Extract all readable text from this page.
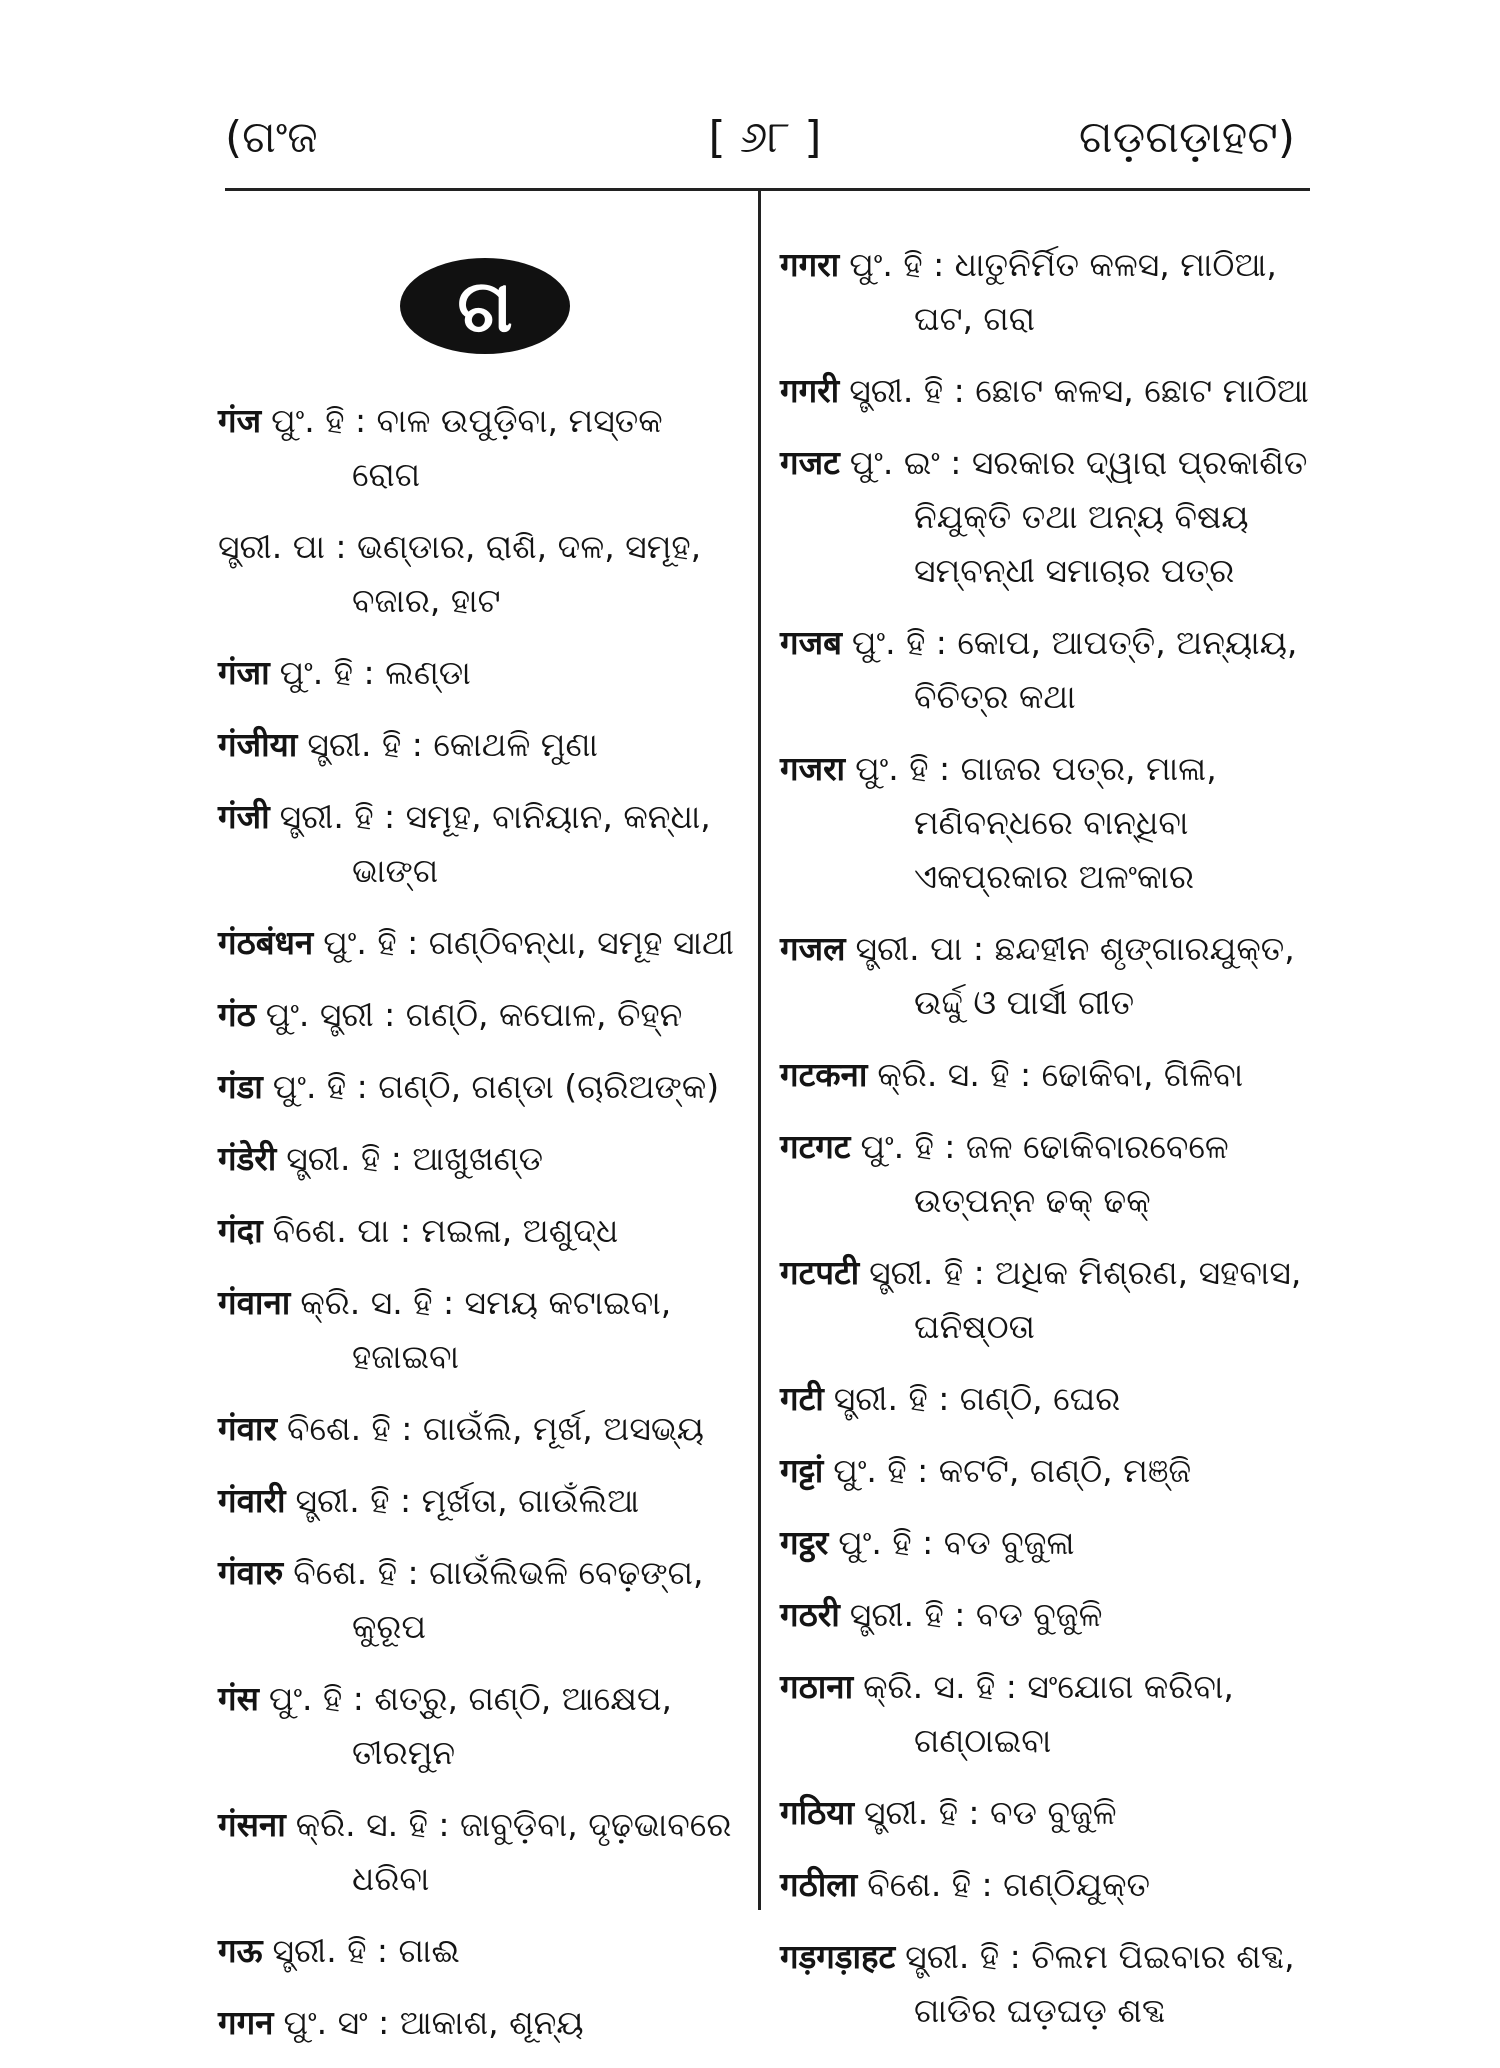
(ଗଂଜ	[ ୬୮ ]	ଗଡ଼ଗଡ଼ାହଟ)
ଗ
गंज ପୁଂ. ହି : ବାଳ ଉପୁଡ଼ିବା, ମସ୍ତକ ରୋଗ
ସ୍ତ୍ରୀ. ପା : ଭଣ୍ଡାର, ରାଶି, ଦଳ, ସମୂହ, ବଜାର, ହାଟ
गंजा ପୁଂ. ହି : ଲଣ୍ଡା
गंजीया ସ୍ତ୍ରୀ. ହି : କୋଥଳି ମୁଣା
गंजी ସ୍ତ୍ରୀ. ହି : ସମୂହ, ବାନିୟାନ, କନ୍ଧା, ଭାଙ୍ଗ
गंठबंधन ପୁଂ. ହି : ଗଣ୍ଠିବନ୍ଧା, ସମୂହ ସାଥୀ
गंठ ପୁଂ. ସ୍ତ୍ରୀ : ଗଣ୍ଠି, କପୋଳ, ଚିହ୍ନ
गंडा ପୁଂ. ହି : ଗଣ୍ଠି, ଗଣ୍ଡା (ଚାରିଅଙ୍କ)
गंडेरी ସ୍ତ୍ରୀ. ହି : ଆଖୁଖଣ୍ଡ
गंदा ବିଶେ. ପା : ମଇଳା, ଅଶୁଦ୍ଧ
गंवाना କ୍ରି. ସ. ହି : ସମୟ କଟାଇବା, ହଜାଇବା
गंवार ବିଶେ. ହି : ଗାଉଁଲି, ମୂର୍ଖ, ଅସଭ୍ୟ
गंवारी ସ୍ତ୍ରୀ. ହି : ମୂର୍ଖତା, ଗାଉଁଲିଆ
गंवारु ବିଶେ. ହି : ଗାଉଁଲିଭଳି ବେଢ଼ଙ୍ଗ, କୁରୂପ
गंस ପୁଂ. ହି : ଶତ୍ରୁ, ଗଣ୍ଠି, ଆକ୍ଷେପ, ତୀରମୁନ
गंसना କ୍ରି. ସ. ହି : ଜାବୁଡ଼ିବା, ଦୃଢ଼ଭାବରେ ଧରିବା
गऊ ସ୍ତ୍ରୀ. ହି : ଗାଈ
गगन ପୁଂ. ସଂ : ଆକାଶ, ଶୂନ୍ୟ
गगरा ପୁଂ. ହି : ଧାତୁନିର୍ମିତ କଳସ, ମାଠିଆ, ଘଟ, ଗରା
गगरी ସ୍ତ୍ରୀ. ହି : ଛୋଟ କଳସ, ଛୋଟ ମାଠିଆ
गजट ପୁଂ. ଇଂ : ସରକାର ଦ୍ୱାରା ପ୍ରକାଶିତ ନିଯୁକ୍ତି ତଥା ଅନ୍ୟ ବିଷୟ ସମ୍ବନ୍ଧୀ ସମାଚାର ପତ୍ର
गजब ପୁଂ. ହି : କୋପ, ଆପତ୍ତି, ଅନ୍ୟାୟ, ବିଚିତ୍ର କଥା
गजरा ପୁଂ. ହି : ଗାଜର ପତ୍ର, ମାଳା, ମଣିବନ୍ଧରେ ବାନ୍ଧିବା ଏକପ୍ରକାର ଅଳଂକାର
गजल ସ୍ତ୍ରୀ. ପା : ଛନ୍ଦହୀନ ଶୃଙ୍ଗାରଯୁକ୍ତ, ଉର୍ଦ୍ଦୁ ଓ ପାର୍ସୀ ଗୀତ
गटकना କ୍ରି. ସ. ହି : ଢୋକିବା, ଗିଳିବା
गटगट ପୁଂ. ହି : ଜଳ ଢୋକିବାରବେଳେ ଉତ୍ପନ୍ନ ଢକ୍ ଢକ୍
गटपटी ସ୍ତ୍ରୀ. ହି : ଅଧିକ ମିଶ୍ରଣ, ସହବାସ, ଘନିଷ୍ଠତା
गटी ସ୍ତ୍ରୀ. ହି : ଗଣ୍ଠି, ଘେର
गट्टां ପୁଂ. ହି : କଟଟି, ଗଣ୍ଠି, ମଞ୍ଜି
गट्ठर ପୁଂ. ହି : ବଡ ବୁଜୁଳା
गठरी ସ୍ତ୍ରୀ. ହି : ବଡ ବୁଜୁଳି
गठाना କ୍ରି. ସ. ହି : ସଂଯୋଗ କରିବା, ଗଣ୍ଠାଇବା
गठिया ସ୍ତ୍ରୀ. ହି : ବଡ ବୁଜୁଳି
गठीला ବିଶେ. ହି : ଗଣ୍ଠିଯୁକ୍ତ
गड़गड़ाहट ସ୍ତ୍ରୀ. ହି : ଚିଲମ ପିଇବାର ଶବ୍ଦ, ଗାଡିର ଘଡ଼ଘଡ଼ ଶବ୍ଦ
